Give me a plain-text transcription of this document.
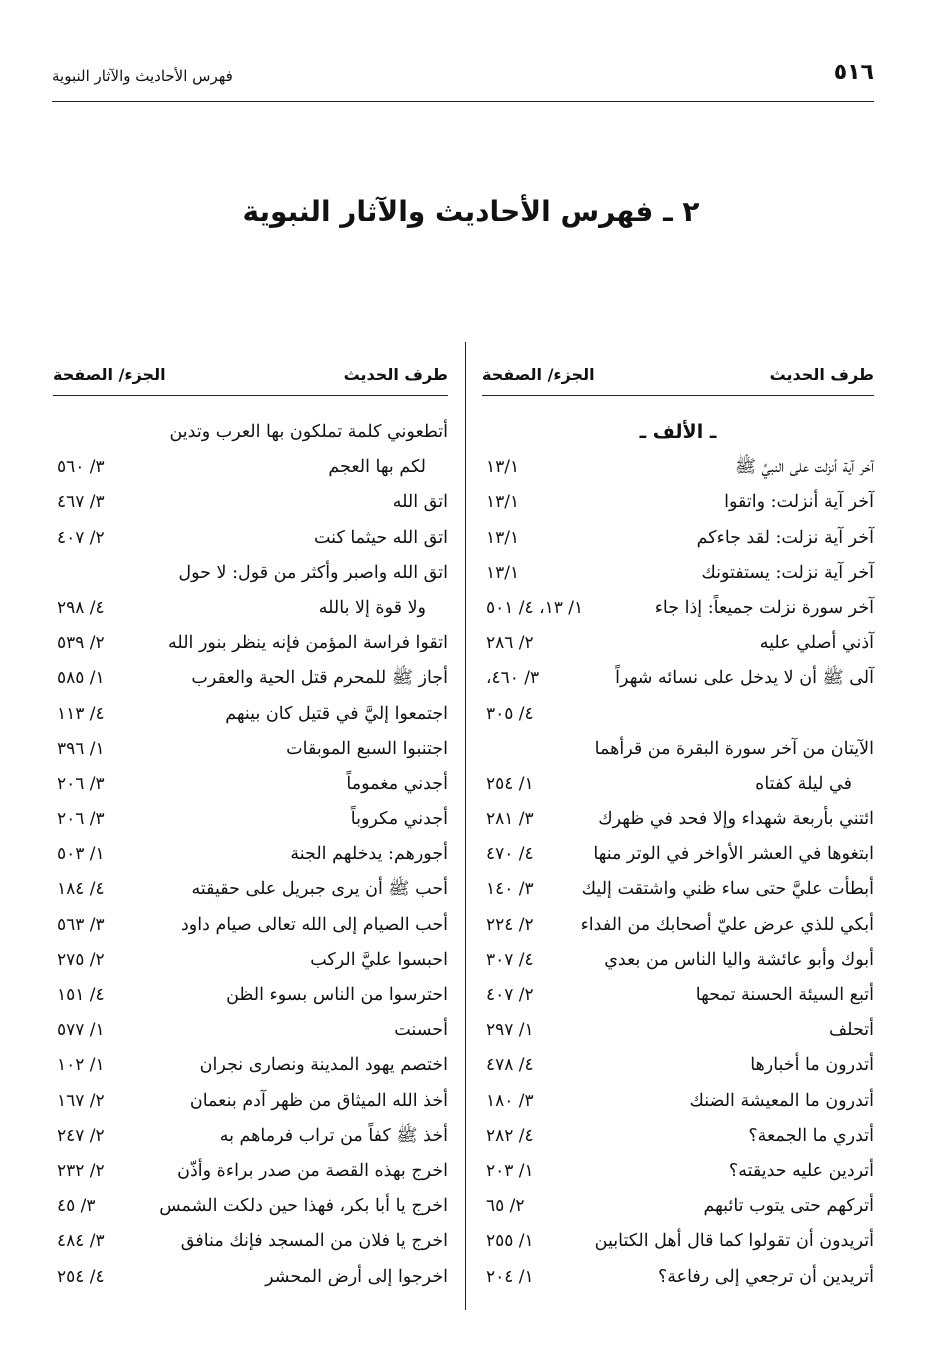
٥١٦
فهرس الأحاديث والآثار النبوية
٢ ـ فهرس الأحاديث والآثار النبوية
طرف الحديث
الجزء/ الصفحة
ـ الألف ـ
آخر آية أنزلت على النبيِّ ﷺ
١٣/١
آخر آية أنزلت: واتقوا
١٣/١
آخر آية نزلت: لقد جاءكم
١٣/١
آخر آية نزلت: يستفتونك
١٣/١
آخر سورة نزلت جميعاً: إذا جاء
١/ ١٣، ٤/ ٥٠١
آذني أصلي عليه
٢/ ٢٨٦
آلى ﷺ أن لا يدخل على نسائه شهراً
٣/ ٤٦٠،
٤/ ٣٠٥
الآيتان من آخر سورة البقرة من قرأهما
في ليلة كفتاه
١/ ٢٥٤
ائتني بأربعة شهداء وإلا فحد في ظهرك
٣/ ٢٨١
ابتغوها في العشر الأواخر في الوتر منها
٤/ ٤٧٠
أبطأت عليَّ حتى ساء ظني واشتقت إليك
٣/ ١٤٠
أبكي للذي عرض عليّ أصحابك من الفداء
٢/ ٢٢٤
أبوك وأبو عائشة واليا الناس من بعدي
٤/ ٣٠٧
أتبع السيئة الحسنة تمحها
٢/ ٤٠٧
أتحلف
١/ ٢٩٧
أتدرون ما أخبارها
٤/ ٤٧٨
أتدرون ما المعيشة الضنك
٣/ ١٨٠
أتدري ما الجمعة؟
٤/ ٢٨٢
أتردين عليه حديقته؟
١/ ٢٠٣
أتركهم حتى يتوب تائبهم
٢/ ٦٥
أتريدون أن تقولوا كما قال أهل الكتابين
١/ ٢٥٥
أتريدين أن ترجعي إلى رفاعة؟
١/ ٢٠٤
طرف الحديث
الجزء/ الصفحة
أتطعوني كلمة تملكون بها العرب وتدين
لكم بها العجم
٣/ ٥٦٠
اتق الله
٣/ ٤٦٧
اتق الله حيثما كنت
٢/ ٤٠٧
اتق الله واصبر وأكثر من قول: لا حول
ولا قوة إلا بالله
٤/ ٢٩٨
اتقوا فراسة المؤمن فإنه ينظر بنور الله
٢/ ٥٣٩
أجاز ﷺ للمحرم قتل الحية والعقرب
١/ ٥٨٥
اجتمعوا إليَّ في قتيل كان بينهم
٤/ ١١٣
اجتنبوا السبع الموبقات
١/ ٣٩٦
أجدني مغموماً
٣/ ٢٠٦
أجدني مكروباً
٣/ ٢٠٦
أجورهم: يدخلهم الجنة
١/ ٥٠٣
أحب ﷺ أن يرى جبريل على حقيقته
٤/ ١٨٤
أحب الصيام إلى الله تعالى صيام داود
٣/ ٥٦٣
احبسوا عليَّ الركب
٢/ ٢٧٥
احترسوا من الناس بسوء الظن
٤/ ١٥١
أحسنت
١/ ٥٧٧
اختصم يهود المدينة ونصارى نجران
١/ ١٠٢
أخذ الله الميثاق من ظهر آدم بنعمان
٢/ ١٦٧
أخذ ﷺ كفاً من تراب فرماهم به
٢/ ٢٤٧
اخرج بهذه القصة من صدر براءة وأذّن
٢/ ٢٣٢
اخرج يا أبا بكر، فهذا حين دلكت الشمس
٣/ ٤٥
اخرج يا فلان من المسجد فإنك منافق
٣/ ٤٨٤
اخرجوا إلى أرض المحشر
٤/ ٢٥٤
